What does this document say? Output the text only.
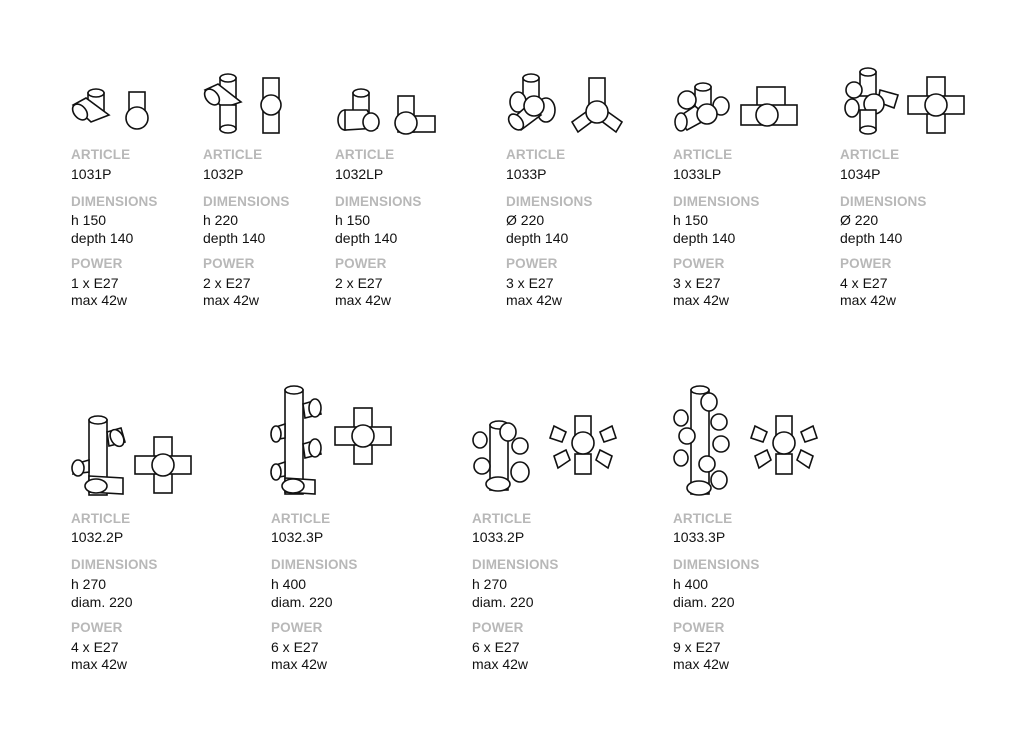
ARTICLE
1031P
DIMENSIONS
h 150
depth 140
POWER
1 x E27
max 42w
ARTICLE
1032P
DIMENSIONS
h 220
depth 140
POWER
2 x E27
max 42w
ARTICLE
1032LP
DIMENSIONS
h 150
depth 140
POWER
2 x E27
max 42w
ARTICLE
1033P
DIMENSIONS
Ø 220
depth 140
POWER
3 x E27
max 42w
ARTICLE
1033LP
DIMENSIONS
h 150
depth 140
POWER
3 x E27
max 42w
ARTICLE
1034P
DIMENSIONS
Ø 220
depth 140
POWER
4 x E27
max 42w
ARTICLE
1032.2P
DIMENSIONS
h 270
diam. 220
POWER
4 x E27
max 42w
ARTICLE
1032.3P
DIMENSIONS
h 400
diam. 220
POWER
6 x E27
max 42w
ARTICLE
1033.2P
DIMENSIONS
h 270
diam. 220
POWER
6 x E27
max 42w
ARTICLE
1033.3P
DIMENSIONS
h 400
diam. 220
POWER
9 x E27
max 42w
